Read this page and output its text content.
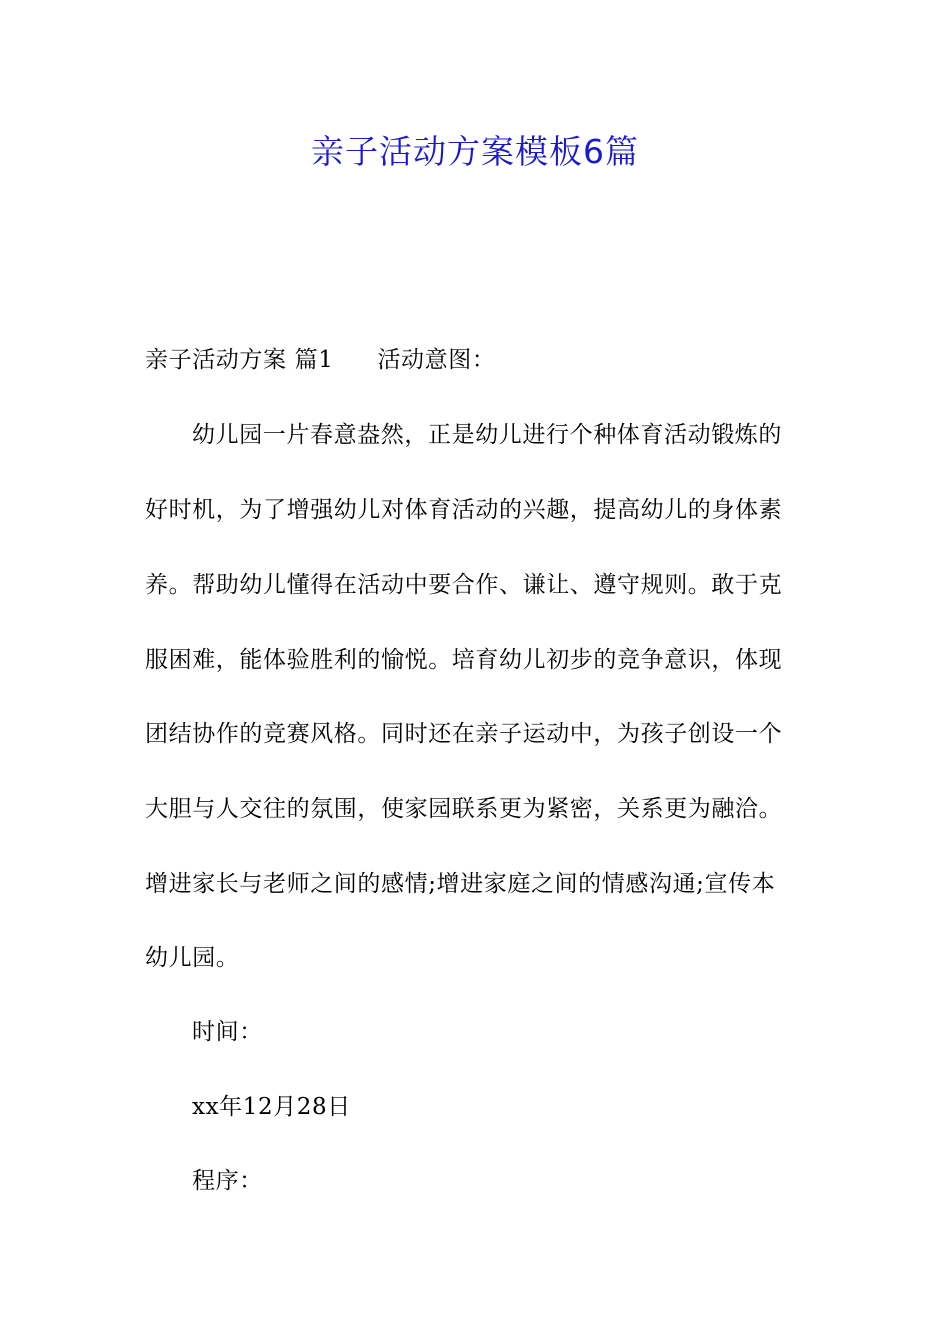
亲子活动方案模板6篇
亲子活动方案 篇1 活动意图：
幼儿园一片春意盎然，正是幼儿进行个种体育活动锻炼的
好时机，为了增强幼儿对体育活动的兴趣，提高幼儿的身体素
养。帮助幼儿懂得在活动中要合作、谦让、遵守规则。敢于克
服困难，能体验胜利的愉悦。培育幼儿初步的竞争意识，体现
团结协作的竞赛风格。同时还在亲子运动中，为孩子创设一个
大胆与人交往的氛围，使家园联系更为紧密，关系更为融洽。
增进家长与老师之间的感情;增进家庭之间的情感沟通;宣传本
幼儿园。
时间：
xx年12月28日
程序：
